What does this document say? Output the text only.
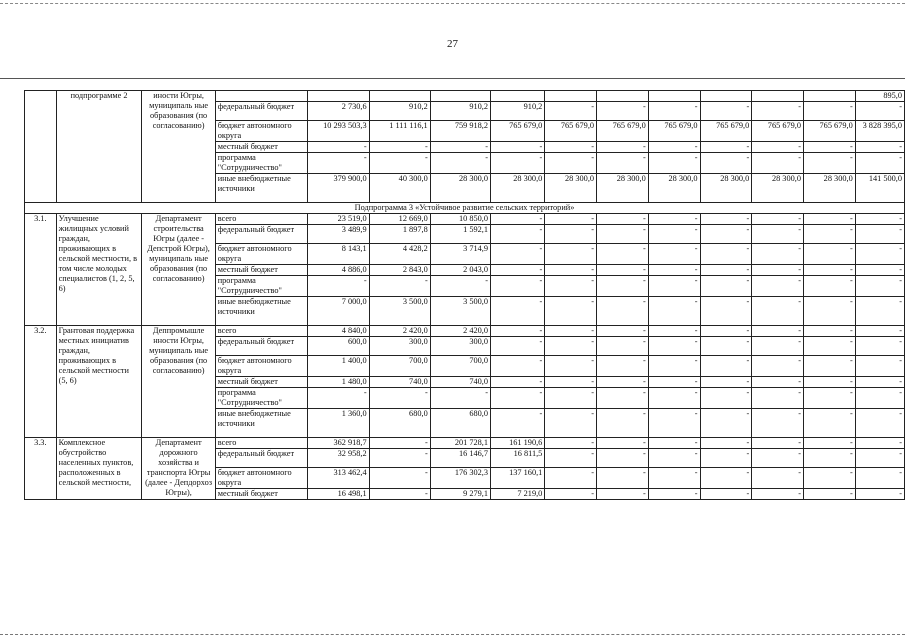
27
	подпрограмме 2	иности Югры, муниципаль ные образования (по согласованию)												895,0
			федеральный бюджет	2 730,6	910,2	910,2	910,2	-	-	-	-	-	-	-
			бюджет автономного округа	10 293 503,3	1 111 116,1	759 918,2	765 679,0	765 679,0	765 679,0	765 679,0	765 679,0	765 679,0	765 679,0	3 828 395,0
			местный бюджет	-	-	-	-	-	-	-	-	-	-	-
			программа "Сотрудничество"	-	-	-	-	-	-	-	-	-	-	-
			иные внебюджетные источники	379 900,0	40 300,0	28 300,0	28 300,0	28 300,0	28 300,0	28 300,0	28 300,0	28 300,0	28 300,0	141 500,0
Подпрограмма 3 «Устойчивое развитие сельских территорий»														
3.1.	Улучшение жилищных условий граждан, проживающих в сельской местности, в том числе молодых специалистов (1, 2, 5, 6)	Департамент строительства Югры (далее - Депстрой Югры), муниципаль ные образования (по согласованию)	всего	23 519,0	12 669,0	10 850,0	-	-	-	-	-	-	-	-
			федеральный бюджет	3 489,9	1 897,8	1 592,1	-	-	-	-	-	-	-	-
			бюджет автономного округа	8 143,1	4 428,2	3 714,9	-	-	-	-	-	-	-	-
			местный бюджет	4 886,0	2 843,0	2 043,0	-	-	-	-	-	-	-	-
			программа "Сотрудничество"	-	-	-	-	-	-	-	-	-	-	-
			иные внебюджетные источники	7 000,0	3 500,0	3 500,0	-	-	-	-	-	-	-	-
3.2.	Грантовая поддержка местных инициатив граждан, проживающих в сельской местности (5, 6)	Деппромышле нности Югры, муниципаль ные образования (по согласованию)	всего	4 840,0	2 420,0	2 420,0	-	-	-	-	-	-	-	-
			федеральный бюджет	600,0	300,0	300,0	-	-	-	-	-	-	-	-
			бюджет автономного округа	1 400,0	700,0	700,0	-	-	-	-	-	-	-	-
			местный бюджет	1 480,0	740,0	740,0	-	-	-	-	-	-	-	-
			программа "Сотрудничество"	-	-	-	-	-	-	-	-	-	-	-
			иные внебюджетные источники	1 360,0	680,0	680,0	-	-	-	-	-	-	-	-
3.3.	Комплексное обустройство населенных пунктов, расположенных в сельской местности,	Департамент дорожного хозяйства и транспорта Югры (далее - Депдорхоз Югры),	всего	362 918,7	-	201 728,1	161 190,6	-	-	-	-	-	-	-
			федеральный бюджет	32 958,2	-	16 146,7	16 811,5	-	-	-	-	-	-	-
			бюджет автономного округа	313 462,4	-	176 302,3	137 160,1	-	-	-	-	-	-	-
			местный бюджет	16 498,1	-	9 279,1	7 219,0	-	-	-	-	-	-	-
